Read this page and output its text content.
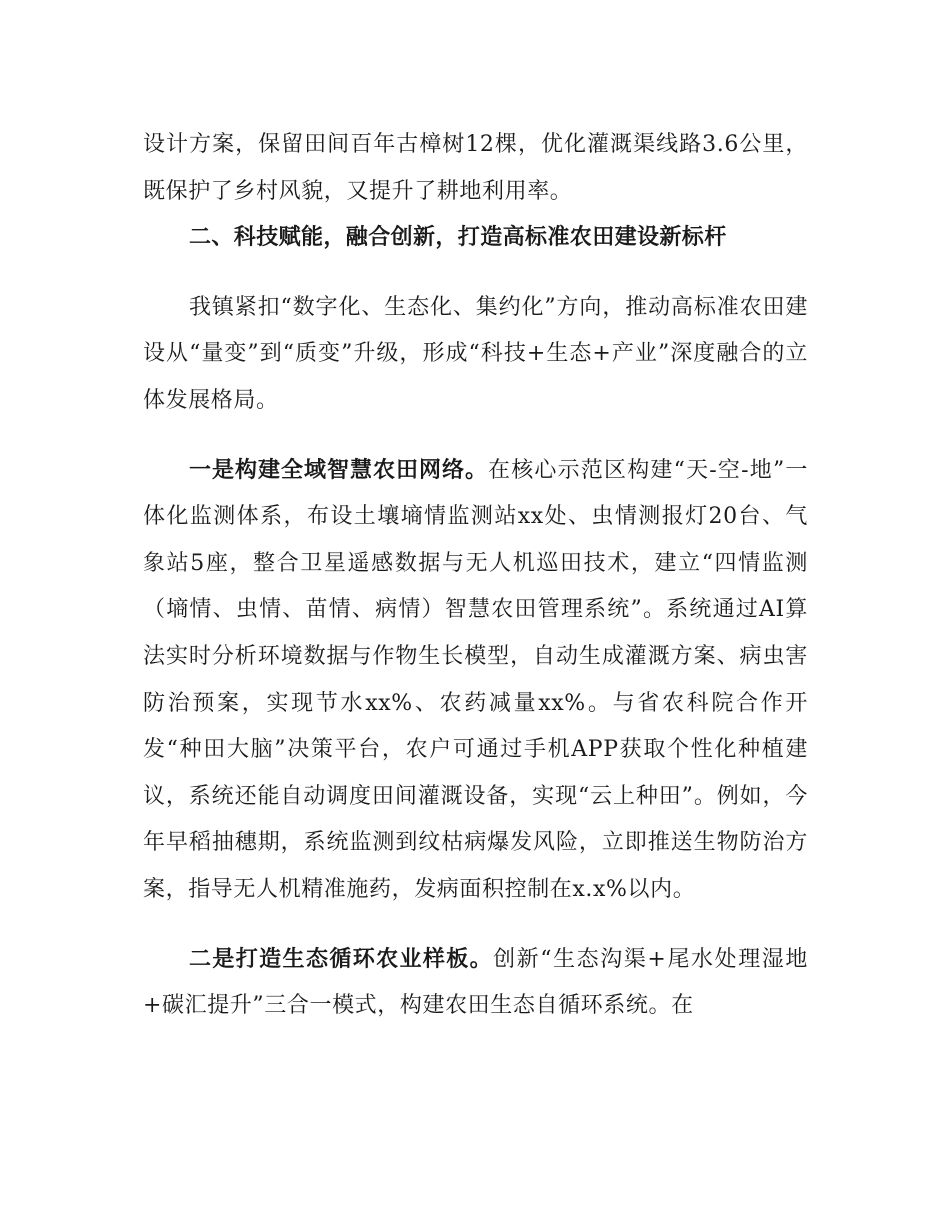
设计方案，保留田间百年古樟树12棵，优化灌溉渠线路3.6公里，既保护了乡村风貌，又提升了耕地利用率。

二、科技赋能，融合创新，打造高标准农田建设新标杆

我镇紧扣“数字化、生态化、集约化”方向，推动高标准农田建设从“量变”到“质变”升级，形成“科技+生态+产业”深度融合的立体发展格局。

一是构建全域智慧农田网络。在核心示范区构建“天-空-地”一体化监测体系，布设土壤墒情监测站xx处、虫情测报灯20台、气象站5座，整合卫星遥感数据与无人机巡田技术，建立“四情监测（墒情、虫情、苗情、病情）智慧农田管理系统”。系统通过AI算法实时分析环境数据与作物生长模型，自动生成灌溉方案、病虫害防治预案，实现节水xx%、农药减量xx%。与省农科院合作开发“种田大脑”决策平台，农户可通过手机APP获取个性化种植建议，系统还能自动调度田间灌溉设备，实现“云上种田”。例如，今年早稻抽穗期，系统监测到纹枯病爆发风险，立即推送生物防治方案，指导无人机精准施药，发病面积控制在x.x%以内。

二是打造生态循环农业样板。创新“生态沟渠+尾水处理湿地+碳汇提升”三合一模式，构建农田生态自循环系统。在
